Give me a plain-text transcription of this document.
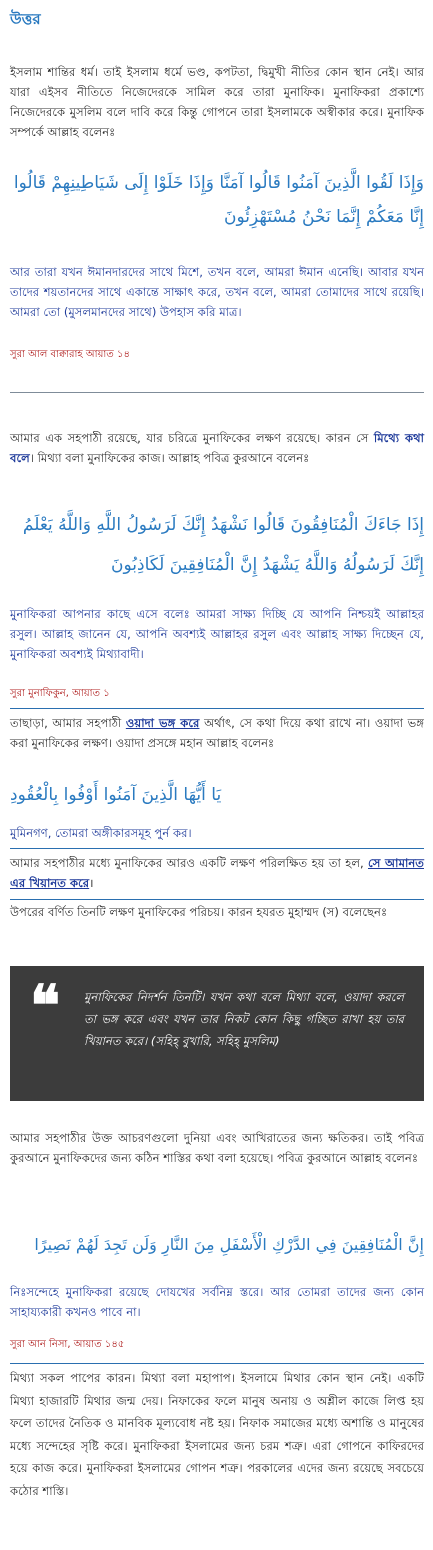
উত্তর
ইসলাম শান্তির ধর্ম। তাই ইসলাম ধর্মে ভণ্ড, কপটতা, দ্বিমুখী নীতির কোন স্থান নেই। আর যারা এইসব নীতিতে নিজেদেরকে সামিল করে তারা মুনাফিক। মুনাফিকরা প্রকাশ্যে নিজেদেরকে মুসলিম বলে দাবি করে কিন্তু গোপনে তারা ইসলামকে অস্বীকার করে। মুনাফিক সম্পর্কে আল্লাহ বলেনঃ
وَإِذَا لَقُوا الَّذِينَ آمَنُوا قَالُوا آمَنَّا وَإِذَا خَلَوْا إِلَى شَيَاطِينِهِمْ قَالُوا إِنَّا مَعَكُمْ إِنَّمَا نَحْنُ مُسْتَهْزِئُونَ
আর তারা যখন ঈমানদারদের সাথে মিশে, তখন বলে, আমরা ঈমান এনেছি। আবার যখন তাদের শয়তানদের সাথে একান্তে সাক্ষাৎ করে, তখন বলে, আমরা তোমাদের সাথে রয়েছি। আমরা তো (মুসলমানদের সাথে) উপহাস করি মাত্র।
সুরা আল বাক্বারাহ আয়াত ১৪
আমার এক সহপাঠী রয়েছে, যার চরিত্রে মুনাফিকের লক্ষণ রয়েছে। কারন সে মিথ্যে কথা বলে। মিথ্যা বলা মুনাফিকের কাজ। আল্লাহ পবিত্র কুরআনে বলেনঃ
إِذَا جَاءَكَ الْمُنَافِقُونَ قَالُوا نَشْهَدُ إِنَّكَ لَرَسُولُ اللَّهِ وَاللَّهُ يَعْلَمُ إِنَّكَ لَرَسُولُهُ وَاللَّهُ يَشْهَدُ إِنَّ الْمُنَافِقِينَ لَكَاذِبُونَ
মুনাফিকরা আপনার কাছে এসে বলেঃ আমরা সাক্ষ্য দিচ্ছি যে আপনি নিশ্চয়ই আল্লাহর রসুল। আল্লাহ জানেন যে, আপনি অবশ্যই আল্লাহর রসুল এবং আল্লাহ সাক্ষ্য দিচ্ছেন যে, মুনাফিকরা অবশ্যই মিথ্যাবাদী।
সুরা মুনাফিকুন, আয়াত ১
তাছাড়া, আমার সহপাঠী ওয়াদা ভঙ্গ করে অর্থাৎ, সে কথা দিয়ে কথা রাখে না। ওয়াদা ভঙ্গ করা মুনাফিকের লক্ষণ। ওয়াদা প্রসঙ্গে মহান আল্লাহ বলেনঃ
يَا أَيُّهَا الَّذِينَ آمَنُوا أَوْفُوا بِالْعُقُودِ
মুমিনগণ, তোমরা অঙ্গীকারসমূহ পুর্ন কর।
আমার সহপাঠীর মধ্যে মুনাফিকের আরও একটি লক্ষণ পরিলক্ষিত হয় তা হল, সে আমানত এর খিয়ানত করে।
উপরের বর্ণিত তিনটি লক্ষণ মুনাফিকের পরিচয়। কারন হযরত মুহাম্মদ (স) বলেছেনঃ
❝ মুনাফিকের নিদর্শন তিনটি। যখন কথা বলে মিথ্যা বলে, ওয়াদা করলে তা ভঙ্গ করে এবং যখন তার নিকট কোন কিছু গচ্ছিত রাখা হয় তার খিয়ানত করে। (সহিহ্ বুখারি, সহিহ্ মুসলিম)
আমার সহপাঠীর উক্ত আচরণগুলো দুনিয়া এবং আখিরাতের জন্য ক্ষতিকর। তাই পবিত্র কুরআনে মুনাফিকদের জন্য কঠিন শাস্তির কথা বলা হয়েছে। পবিত্র কুরআনে আল্লাহ বলেনঃ
إِنَّ الْمُنَافِقِينَ فِي الدَّرْكِ الْأَسْفَلِ مِنَ النَّارِ وَلَن تَجِدَ لَهُمْ نَصِيرًا
নিঃসন্দেহে মুনাফিকরা রয়েছে দোযখের সর্বনিম্ন স্তরে। আর তোমরা তাদের জন্য কোন সাহায্যকারী কখনও পাবে না।
সুরা আন নিসা, আয়াত ১৪৫
মিথ্যা সকল পাপের কারন। মিথ্যা বলা মহাপাপ। ইসলামে মিথার কোন স্থান নেই। একটি মিথ্যা হাজারটি মিথার জন্ম দেয়। নিফাকের ফলে মানুষ অনায় ও অশ্লীল কাজে লিপ্ত হয় ফলে তাদের নৈতিক ও মানবিক মূল্যবোধ নষ্ট হয়। নিফাক সমাজের মধ্যে অশান্তি ও মানুষের মধ্যে সন্দেহের সৃষ্টি করে। মুনাফিকরা ইসলামের জন্য চরম শত্রু। এরা গোপনে কাফিরদের হয়ে কাজ করে। মুনাফিকরা ইসলামের গোপন শত্রু। পরকালের এদের জন্য রয়েছে সবচেয়ে কঠোর শাস্তি।
